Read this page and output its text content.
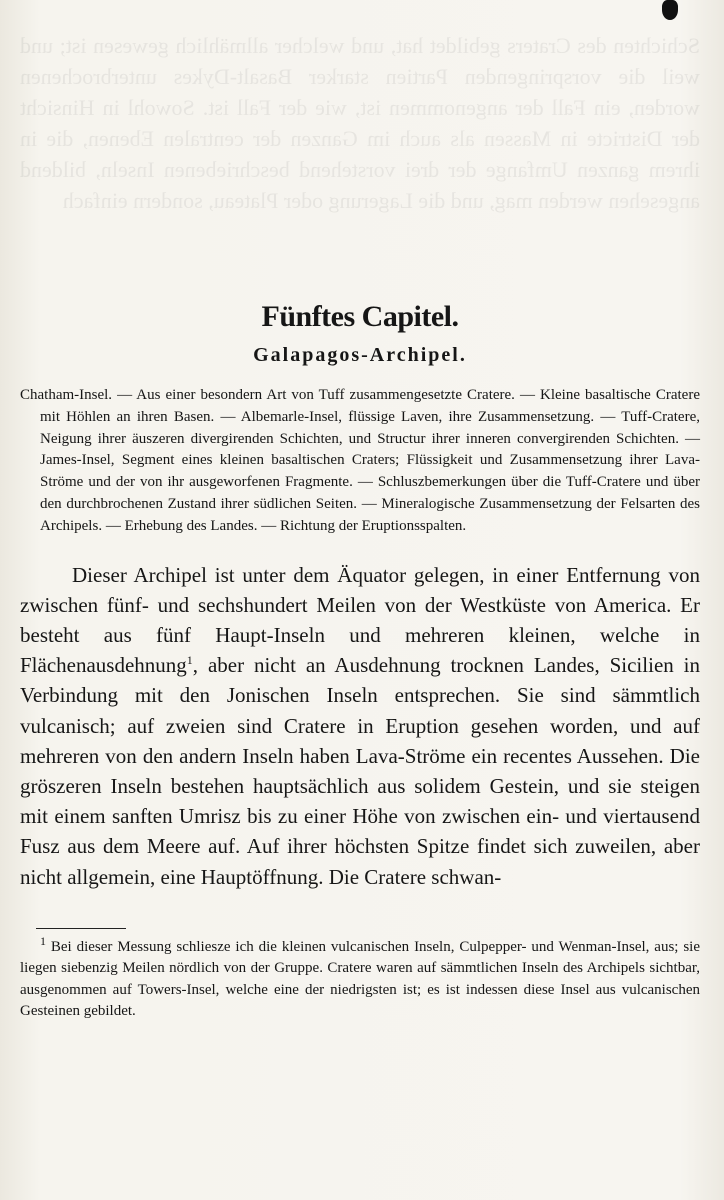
Schichten des Craters gebildet hat, und welcher allmählich gewesen ist; und weil die vorspringenden Partien starker Basalt-Dykes unterbrochenen worden, ein Fall der angenommen ist, wie der Fall ist. Sowohl in Hinsicht der Districte in Massen als auch im Ganzen der centralen Ebenen, die in ihrem ganzen Umfange der drei vorstehend beschriebenen Inseln, bildend angesehen werden mag, und die Lagerung oder Plateau, sondern einfach
Fünftes Capitel.
Galapagos-Archipel.

Chatham-Insel. — Aus einer besondern Art von Tuff zusammengesetzte Cratere. — Kleine basaltische Cratere mit Höhlen an ihren Basen. — Albemarle-Insel, flüssige Laven, ihre Zusammensetzung. — Tuff-Cratere, Neigung ihrer äuszeren divergirenden Schichten, und Structur ihrer inneren convergirenden Schichten. — James-Insel, Segment eines kleinen basaltischen Craters; Flüssigkeit und Zusammensetzung ihrer Lava-Ströme und der von ihr ausgeworfenen Fragmente. — Schluszbemerkungen über die Tuff-Cratere und über den durchbrochenen Zustand ihrer südlichen Seiten. — Mineralogische Zusammensetzung der Felsarten des Archipels. — Erhebung des Landes. — Richtung der Eruptionsspalten.

Dieser Archipel ist unter dem Äquator gelegen, in einer Entfernung von zwischen fünf- und sechshundert Meilen von der Westküste von America. Er besteht aus fünf Haupt-Inseln und mehreren kleinen, welche in Flächenausdehnung$^1$, aber nicht an Ausdehnung trocknen Landes, Sicilien in Verbindung mit den Jonischen Inseln entsprechen. Sie sind sämmtlich vulcanisch; auf zweien sind Cratere in Eruption gesehen worden, und auf mehreren von den andern Inseln haben Lava-Ströme ein recentes Aussehen. Die gröszeren Inseln bestehen hauptsächlich aus solidem Gestein, und sie steigen mit einem sanften Umrisz bis zu einer Höhe von zwischen ein- und viertausend Fusz aus dem Meere auf. Auf ihrer höchsten Spitze findet sich zuweilen, aber nicht allgemein, eine Hauptöffnung. Die Cratere schwan-

$^1$ Bei dieser Messung schliesze ich die kleinen vulcanischen Inseln, Culpepper- und Wenman-Insel, aus; sie liegen siebenzig Meilen nördlich von der Gruppe. Cratere waren auf sämmtlichen Inseln des Archipels sichtbar, ausgenommen auf Towers-Insel, welche eine der niedrigsten ist; es ist indessen diese Insel aus vulcanischen Gesteinen gebildet.
